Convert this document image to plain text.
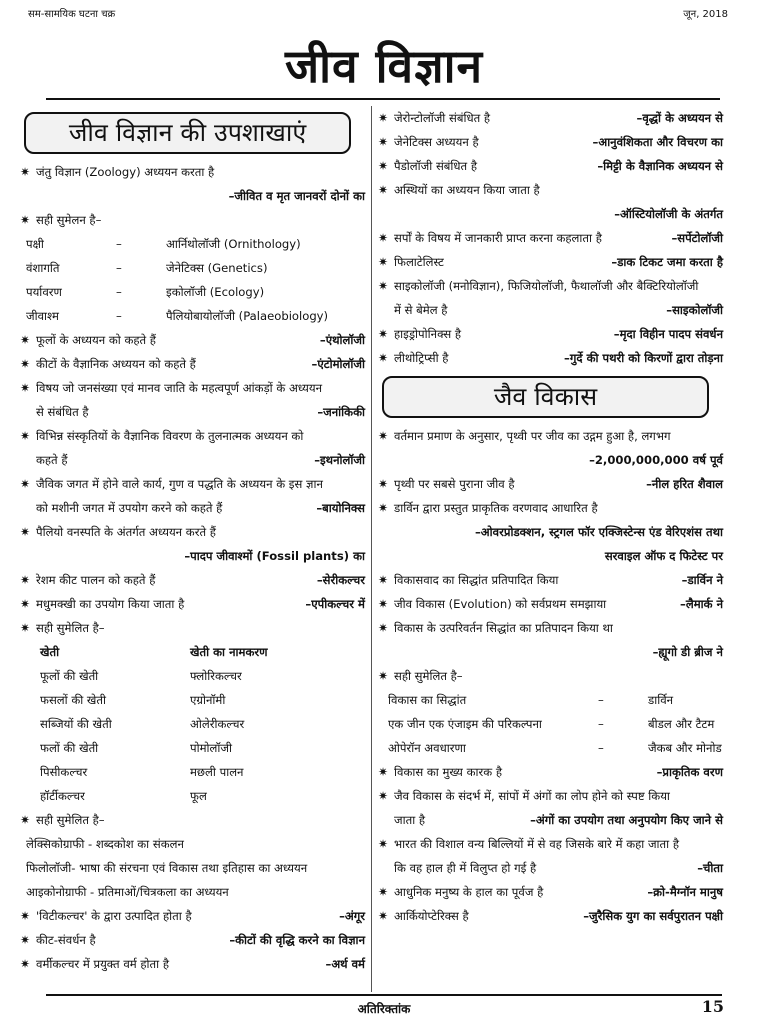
सम-सामयिक घटना चक्र	जून, 2018
जीव विज्ञान
जीव विज्ञान की उपशाखाएं
✷ जंतु विज्ञान (Zoology) अध्ययन करता है
–जीवित व मृत जानवरों दोनों का
✷ सही सुमेलन है–
पक्षी	–	आर्निथोलॉजी (Ornithology)
वंशागति	–	जेनेटिक्स (Genetics)
पर्यावरण	–	इकोलॉजी (Ecology)
जीवाश्म	–	पैलियोबायोलॉजी (Palaeobiology)
✷ फूलों के अध्ययन को कहते हैं	–एंथोलॉजी
✷ कीटों के वैज्ञानिक अध्ययन को कहते हैं	–एंटोमोलॉजी
✷ विषय जो जनसंख्या एवं मानव जाति के महत्वपूर्ण आंकड़ों के अध्ययन
से संबंधित है	–जनांकिकी
✷ विभिन्न संस्कृतियों के वैज्ञानिक विवरण के तुलनात्मक अध्ययन को
कहते हैं	–इथनोलॉजी
✷ जैविक जगत में होने वाले कार्य, गुण व पद्धति के अध्ययन के इस ज्ञान
को मशीनी जगत में उपयोग करने को कहते हैं	–बायोनिक्स
✷ पैलियो वनस्पति के अंतर्गत अध्ययन करते हैं
–पादप जीवाश्मों (Fossil plants) का
✷ रेशम कीट पालन को कहते हैं	–सेरीकल्चर
✷ मधुमक्खी का उपयोग किया जाता है	–एपीकल्चर में
✷ सही सुमेलित है–
खेती	खेती का नामकरण
फूलों की खेती	फ्लोरिकल्चर
फसलों की खेती	एग्रोनॉमी
सब्जियों की खेती	ओलेरीकल्चर
फलों की खेती	पोमोलॉजी
पिसीकल्चर	मछली पालन
हॉर्टीकल्चर	फूल
✷ सही सुमेलित है–
लेक्सिकोग्राफी - शब्दकोश का संकलन
फिलोलॉजी- भाषा की संरचना एवं विकास तथा इतिहास का अध्ययन
आइकोनोग्राफी - प्रतिमाओं/चित्रकला का अध्ययन
✷ 'विटीकल्चर' के द्वारा उत्पादित होता है	–अंगूर
✷ कीट-संवर्धन है	–कीटों की वृद्धि करने का विज्ञान
✷ वर्मीकल्चर में प्रयुक्त वर्म होता है	–अर्थ वर्म
✷ जेरोन्टोलॉजी संबंधित है	–वृद्धों के अध्ययन से
✷ जेनेटिक्स अध्ययन है	–आनुवंशिकता और विचरण का
✷ पैडोलॉजी संबंधित है	–मिट्टी के वैज्ञानिक अध्ययन से
✷ अस्थियों का अध्ययन किया जाता है
–ऑस्टियोलॉजी के अंतर्गत
✷ सर्पों के विषय में जानकारी प्राप्त करना कहलाता है	–सर्पेटोलॉजी
✷ फिलाटेलिस्ट	–डाक टिकट जमा करता है
✷ साइकोलॉजी (मनोविज्ञान), फिजियोलॉजी, फैथालॉजी और बैक्टिरियोलॉजी
में से बेमेल है	–साइकोलॉजी
✷ हाइड्रोपोनिक्स है	–मृदा विहीन पादप संवर्धन
✷ लीथोट्रिप्सी है	–गुर्दे की पथरी को किरणों द्वारा तोड़ना
जैव विकास
✷ वर्तमान प्रमाण के अनुसार, पृथ्वी पर जीव का उद्गम हुआ है, लगभग
–2,000,000,000 वर्ष पूर्व
✷ पृथ्वी पर सबसे पुराना जीव है	–नील हरित शैवाल
✷ डार्विन द्वारा प्रस्तुत प्राकृतिक वरणवाद आधारित है
–ओवरप्रोडक्शन, स्ट्रगल फॉर एक्जिस्टेन्स एंड वेरिएशंस तथा
सरवाइल ऑफ द फिटेस्ट पर
✷ विकासवाद का सिद्धांत प्रतिपादित किया	–डार्विन ने
✷ जीव विकास (Evolution) को सर्वप्रथम समझाया	–लैमार्क ने
✷ विकास के उत्परिवर्तन सिद्धांत का प्रतिपादन किया था
–ह्यूगो डी ब्रीज ने
✷ सही सुमेलित है–
विकास का सिद्धांत	–	डार्विन
एक जीन एक एंजाइम की परिकल्पना	–	बीडल और टैटम
ओपेरॉन अवधारणा	–	जैकब और मोनोड
✷ विकास का मुख्य कारक है	–प्राकृतिक वरण
✷ जैव विकास के संदर्भ में, सांपों में अंगों का लोप होने को स्पष्ट किया
जाता है	–अंगों का उपयोग तथा अनुपयोग किए जाने से
✷ भारत की विशाल वन्य बिल्लियों में से वह जिसके बारे में कहा जाता है
कि वह हाल ही में विलुप्त हो गई है	–चीता
✷ आधुनिक मनुष्य के हाल का पूर्वज है	–क्रो-मैग्नॉन मानुष
✷ आर्कियोप्टेरिक्स है	–जुरैसिक युग का सर्वपुरातन पक्षी
अतिरिक्तांक	15
